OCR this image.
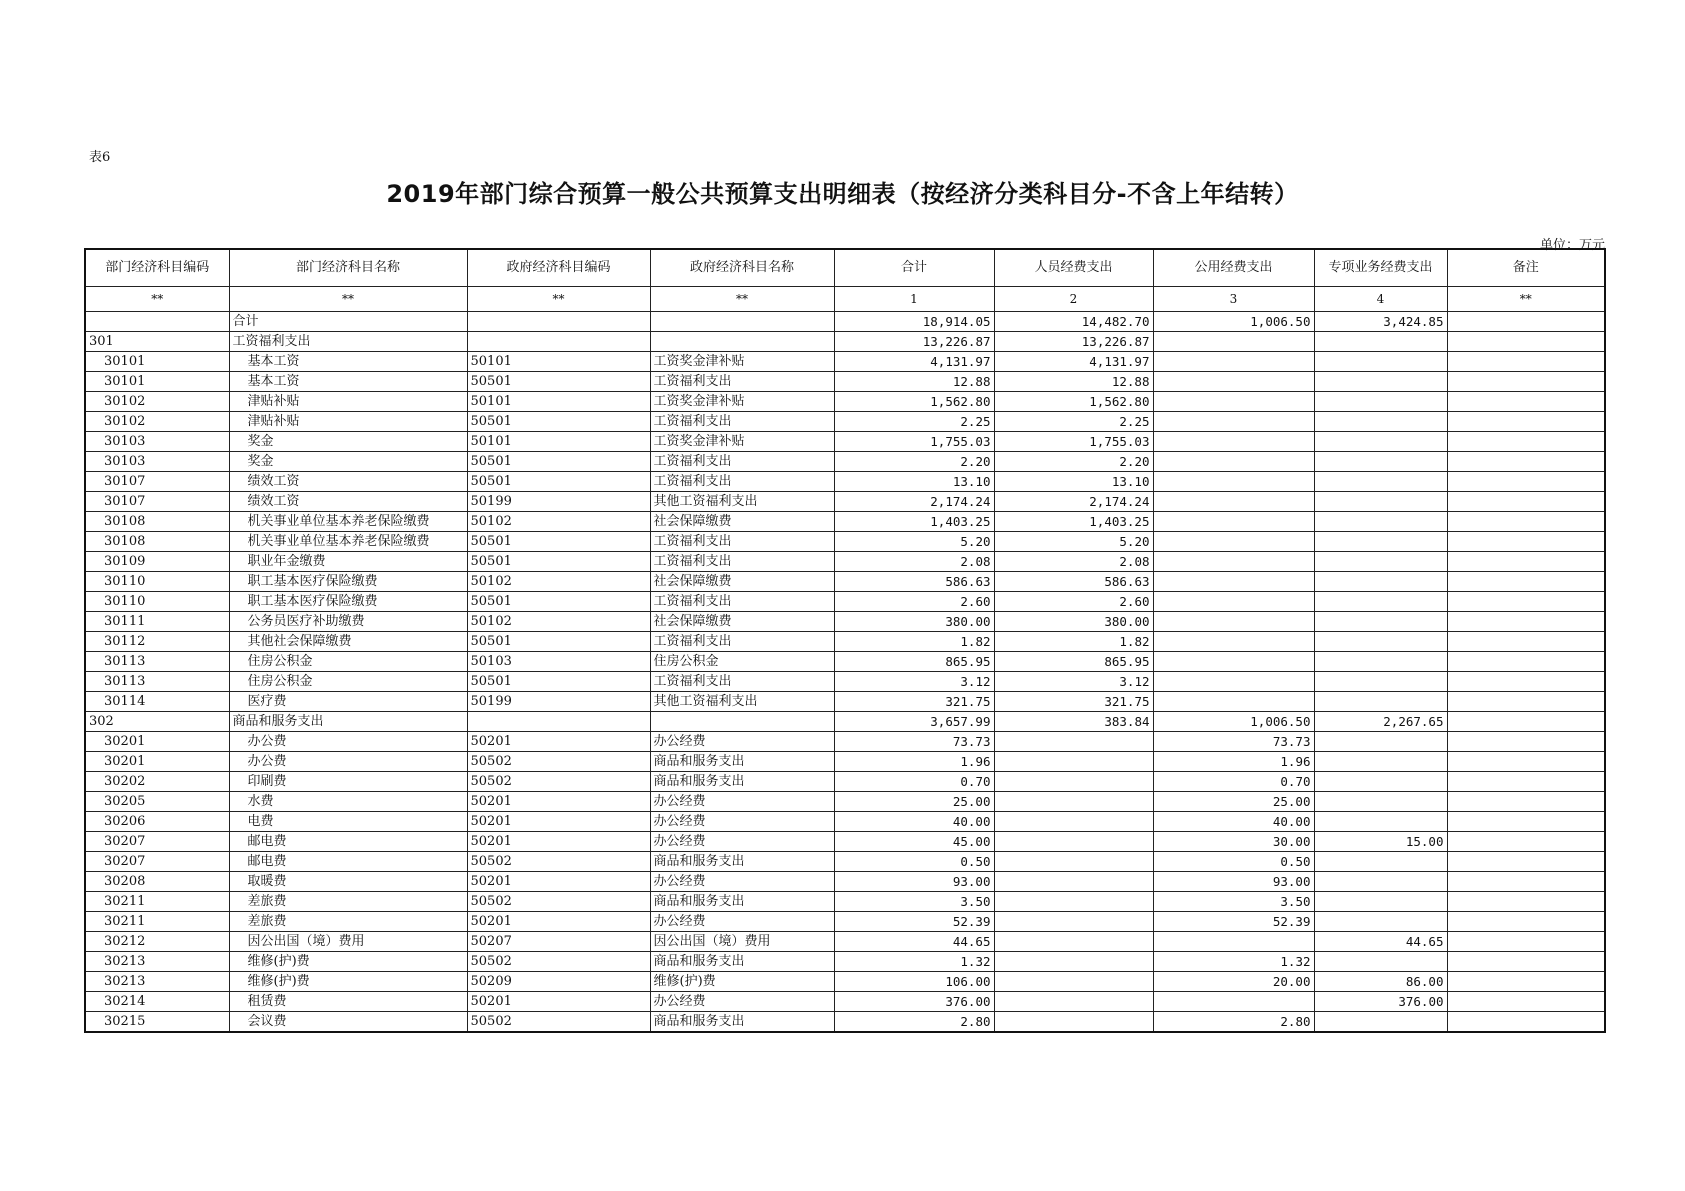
表6
2019年部门综合预算一般公共预算支出明细表（按经济分类科目分-不含上年结转）
单位：万元
部门经济科目编码	部门经济科目名称	政府经济科目编码	政府经济科目名称	合计	人员经费支出	公用经费支出	专项业务经费支出	备注
**	**	**	**	1	2	3	4	**
	合计			18,914.05	14,482.70	1,006.50	3,424.85	
301	工资福利支出			13,226.87	13,226.87			
30101	基本工资	50101	工资奖金津补贴	4,131.97	4,131.97			
30101	基本工资	50501	工资福利支出	12.88	12.88			
30102	津贴补贴	50101	工资奖金津补贴	1,562.80	1,562.80			
30102	津贴补贴	50501	工资福利支出	2.25	2.25			
30103	奖金	50101	工资奖金津补贴	1,755.03	1,755.03			
30103	奖金	50501	工资福利支出	2.20	2.20			
30107	绩效工资	50501	工资福利支出	13.10	13.10			
30107	绩效工资	50199	其他工资福利支出	2,174.24	2,174.24			
30108	机关事业单位基本养老保险缴费	50102	社会保障缴费	1,403.25	1,403.25			
30108	机关事业单位基本养老保险缴费	50501	工资福利支出	5.20	5.20			
30109	职业年金缴费	50501	工资福利支出	2.08	2.08			
30110	职工基本医疗保险缴费	50102	社会保障缴费	586.63	586.63			
30110	职工基本医疗保险缴费	50501	工资福利支出	2.60	2.60			
30111	公务员医疗补助缴费	50102	社会保障缴费	380.00	380.00			
30112	其他社会保障缴费	50501	工资福利支出	1.82	1.82			
30113	住房公积金	50103	住房公积金	865.95	865.95			
30113	住房公积金	50501	工资福利支出	3.12	3.12			
30114	医疗费	50199	其他工资福利支出	321.75	321.75			
302	商品和服务支出			3,657.99	383.84	1,006.50	2,267.65	
30201	办公费	50201	办公经费	73.73		73.73		
30201	办公费	50502	商品和服务支出	1.96		1.96		
30202	印刷费	50502	商品和服务支出	0.70		0.70		
30205	水费	50201	办公经费	25.00		25.00		
30206	电费	50201	办公经费	40.00		40.00		
30207	邮电费	50201	办公经费	45.00		30.00	15.00	
30207	邮电费	50502	商品和服务支出	0.50		0.50		
30208	取暖费	50201	办公经费	93.00		93.00		
30211	差旅费	50502	商品和服务支出	3.50		3.50		
30211	差旅费	50201	办公经费	52.39		52.39		
30212	因公出国（境）费用	50207	因公出国（境）费用	44.65			44.65	
30213	维修(护)费	50502	商品和服务支出	1.32		1.32		
30213	维修(护)费	50209	维修(护)费	106.00		20.00	86.00	
30214	租赁费	50201	办公经费	376.00			376.00	
30215	会议费	50502	商品和服务支出	2.80		2.80		
